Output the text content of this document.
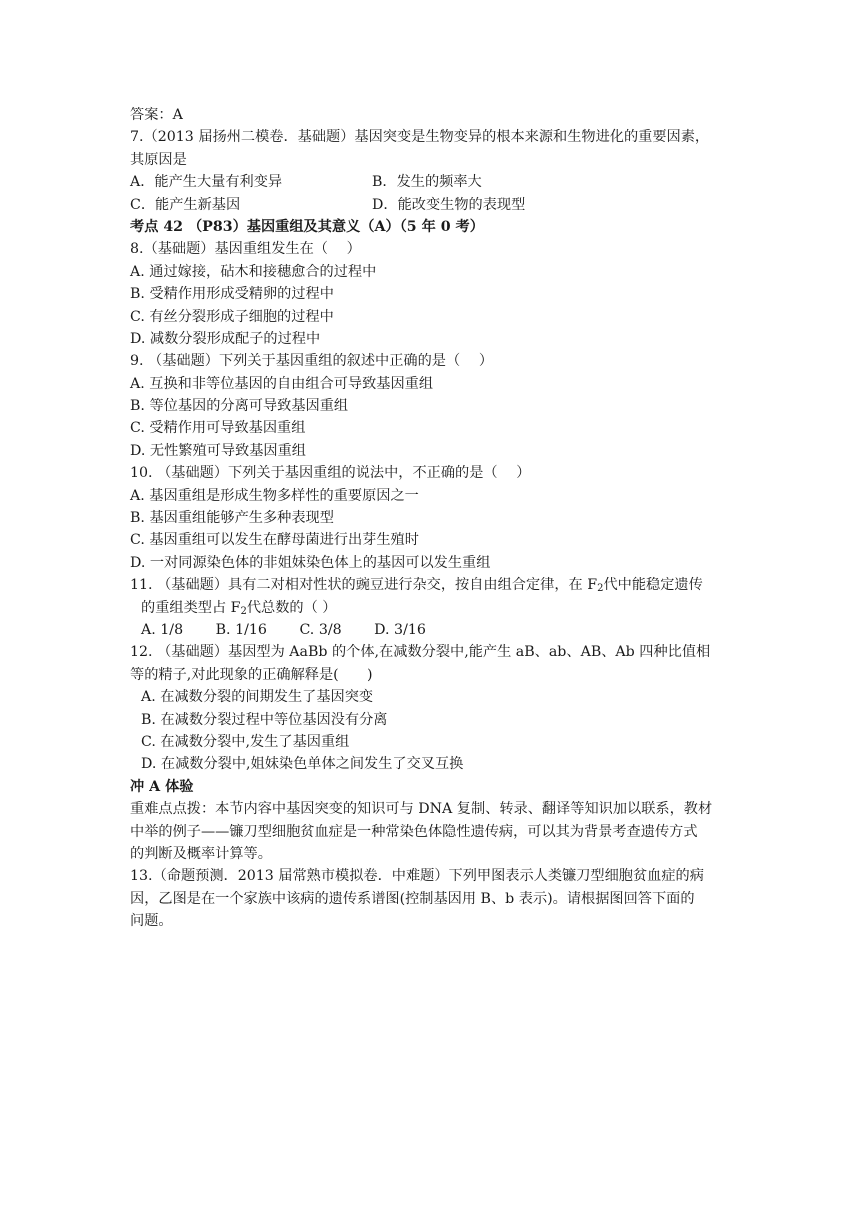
答案：A
7.（2013 届扬州二模卷．基础题）基因突变是生物变异的根本来源和生物进化的重要因素，
其原因是
A．能产生大量有利变异	B．发生的频率大
C．能产生新基因	D．能改变生物的表现型
考点 42 （P83）基因重组及其意义（A）（5 年 0 考）
8.（基础题）基因重组发生在（　 ）
A. 通过嫁接，砧木和接穗愈合的过程中
B. 受精作用形成受精卵的过程中
C. 有丝分裂形成子细胞的过程中
D. 减数分裂形成配子的过程中
9. （基础题）下列关于基因重组的叙述中正确的是（　 ）
A. 互换和非等位基因的自由组合可导致基因重组
B. 等位基因的分离可导致基因重组
C. 受精作用可导致基因重组
D. 无性繁殖可导致基因重组
10. （基础题）下列关于基因重组的说法中，不正确的是（　 ）
A. 基因重组是形成生物多样性的重要原因之一
B. 基因重组能够产生多种表现型
C. 基因重组可以发生在酵母菌进行出芽生殖时
D. 一对同源染色体的非姐妹染色体上的基因可以发生重组
11. （基础题）具有二对相对性状的豌豆进行杂交，按自由组合定律，在 $F_2$代中能稳定遗传
的重组类型占 $F_2$代总数的（ ）
A. 1/8 B. 1/16 C. 3/8 D. 3/16
12. （基础题）基因型为 AaBb 的个体,在减数分裂中,能产生 aB、ab、AB、Ab 四种比值相
等的精子,对此现象的正确解释是(　　)
A. 在减数分裂的间期发生了基因突变
B. 在减数分裂过程中等位基因没有分离
C. 在减数分裂中,发生了基因重组
D. 在减数分裂中,姐妹染色单体之间发生了交叉互换
冲 A 体验
重难点点拨：本节内容中基因突变的知识可与 DNA 复制、转录、翻译等知识加以联系，教材
中举的例子——镰刀型细胞贫血症是一种常染色体隐性遗传病，可以其为背景考查遗传方式
的判断及概率计算等。
13.（命题预测．2013 届常熟市模拟卷．中难题）下列甲图表示人类镰刀型细胞贫血症的病
因，乙图是在一个家族中该病的遗传系谱图(控制基因用 B、b 表示)。请根据图回答下面的
问题。
